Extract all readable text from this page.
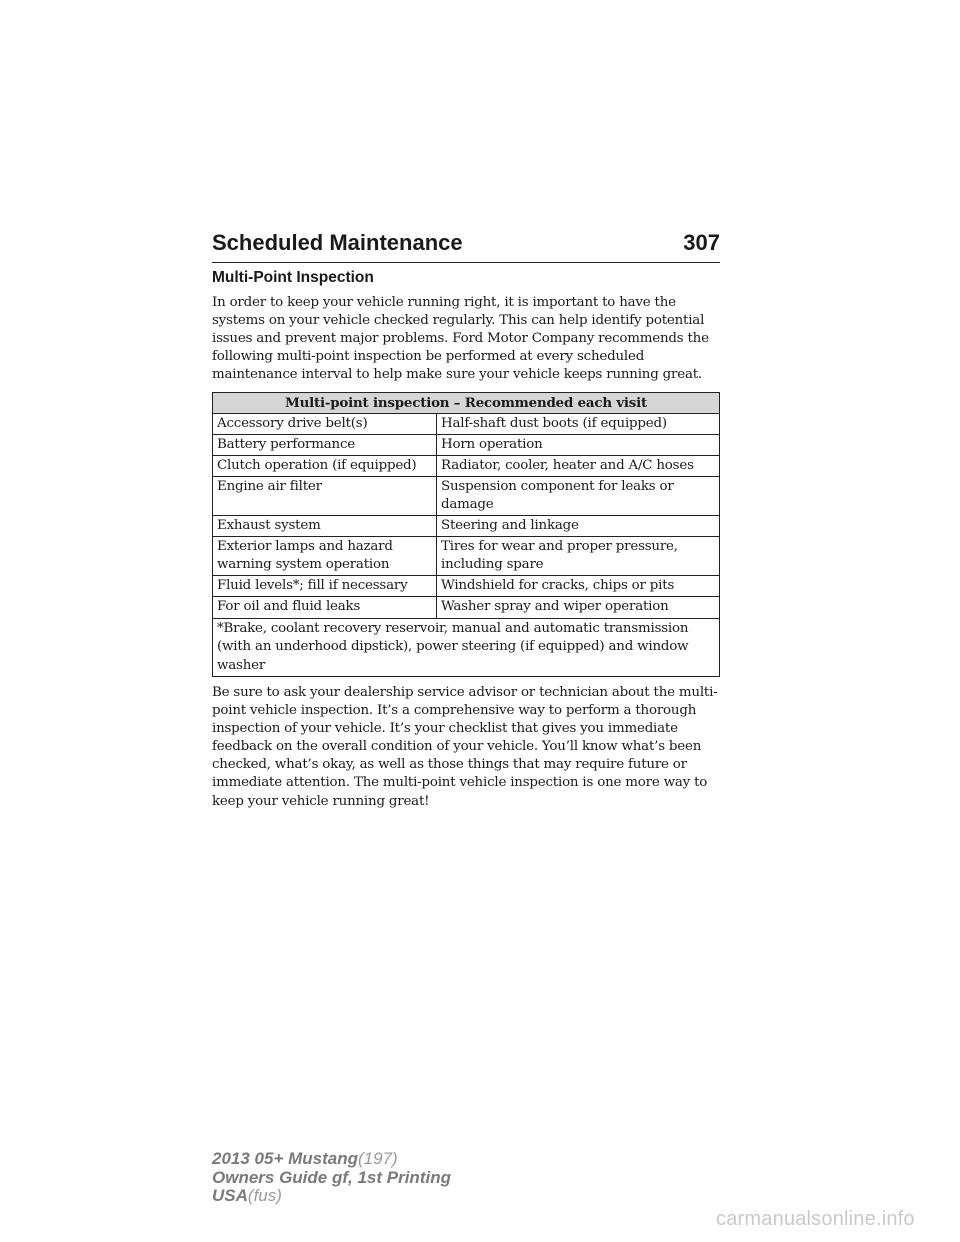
Scheduled Maintenance	307
Multi-Point Inspection

In order to keep your vehicle running right, it is important to have the systems on your vehicle checked regularly. This can help identify potential issues and prevent major problems. Ford Motor Company recommends the following multi-point inspection be performed at every scheduled maintenance interval to help make sure your vehicle keeps running great.

Multi-point inspection – Recommended each visit	
Accessory drive belt(s)	Half-shaft dust boots (if equipped)
Battery performance	Horn operation
Clutch operation (if equipped)	Radiator, cooler, heater and A/C hoses
Engine air filter	Suspension component for leaks or damage
Exhaust system	Steering and linkage
Exterior lamps and hazard warning system operation	Tires for wear and proper pressure, including spare
Fluid levels*; fill if necessary	Windshield for cracks, chips or pits
For oil and fluid leaks	Washer spray and wiper operation
*Brake, coolant recovery reservoir, manual and automatic transmission (with an underhood dipstick), power steering (if equipped) and window washer	

Be sure to ask your dealership service advisor or technician about the multi-point vehicle inspection. It’s a comprehensive way to perform a thorough inspection of your vehicle. It’s your checklist that gives you immediate feedback on the overall condition of your vehicle. You’ll know what’s been checked, what’s okay, as well as those things that may require future or immediate attention. The multi-point vehicle inspection is one more way to keep your vehicle running great!

2013 05+ Mustang(197)
Owners Guide gf, 1st Printing
USA(fus)
carmanualsonline.info
